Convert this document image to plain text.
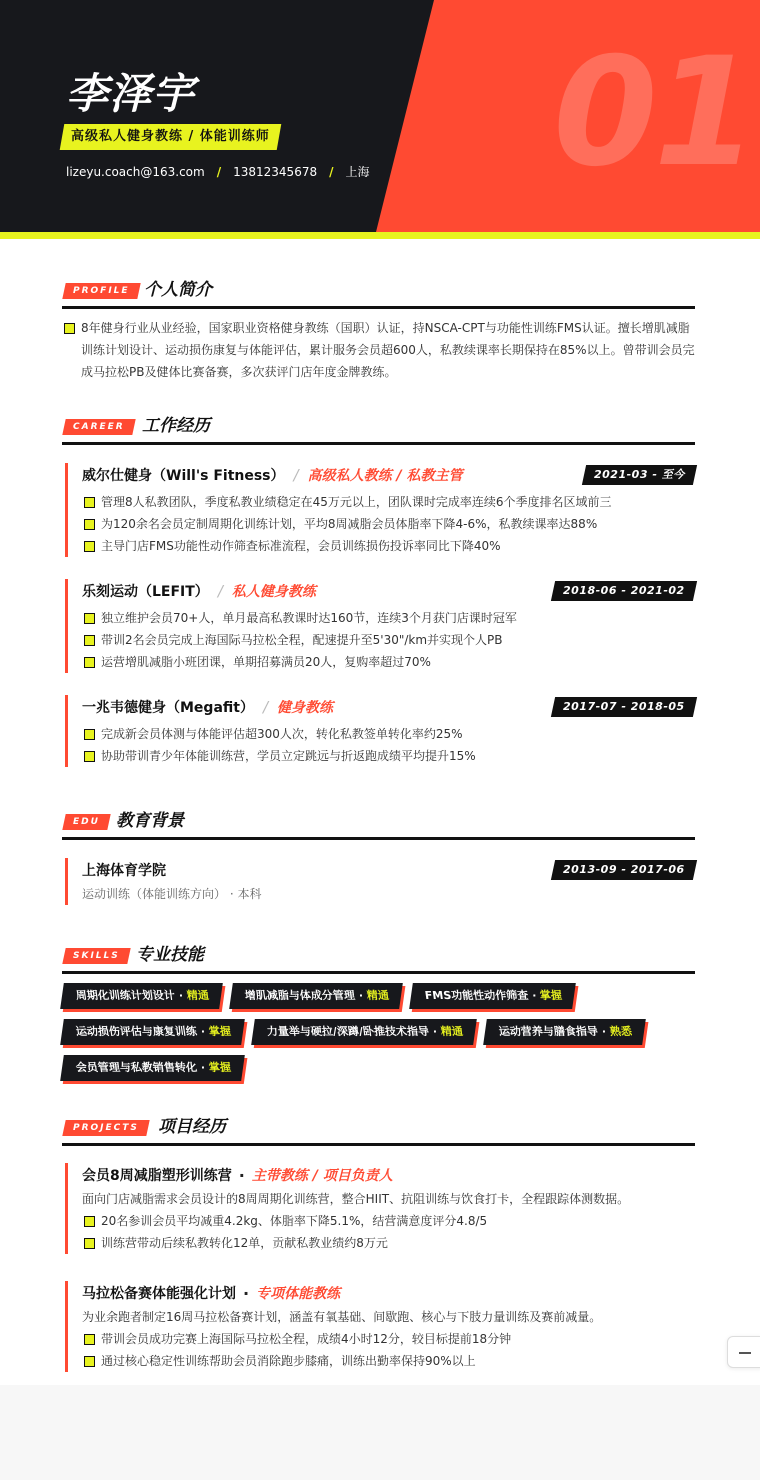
01
李泽宇
高级私人健身教练 / 体能训练师
lizeyu.coach@163.com / 13812345678 / 上海
PROFILE 个人简介
8年健身行业从业经验，国家职业资格健身教练（国职）认证，持NSCA-CPT与功能性训练FMS认证。擅长增肌减脂训练计划设计、运动损伤康复与体能评估，累计服务会员超600人，私教续课率长期保持在85%以上。曾带训会员完成马拉松PB及健体比赛备赛，多次获评门店年度金牌教练。
CAREER	工作经历
威尔仕健身（Will's Fitness） / 高级私人教练 / 私教主管	2021-03 - 至今
管理8人私教团队，季度私教业绩稳定在45万元以上，团队课时完成率连续6个季度排名区域前三
为120余名会员定制周期化训练计划，平均8周减脂会员体脂率下降4-6%，私教续课率达88%
主导门店FMS功能性动作筛查标准流程，会员训练损伤投诉率同比下降40%
乐刻运动（LEFIT） / 私人健身教练	2018-06 - 2021-02
独立维护会员70+人，单月最高私教课时达160节，连续3个月获门店课时冠军
带训2名会员完成上海国际马拉松全程，配速提升至5'30"/km并实现个人PB
运营增肌减脂小班团课，单期招募满员20人，复购率超过70%
一兆韦德健身（Megafit） / 健身教练	2017-07 - 2018-05
完成新会员体测与体能评估超300人次，转化私教签单转化率约25%
协助带训青少年体能训练营，学员立定跳远与折返跑成绩平均提升15%
EDU 教育背景
上海体育学院	2013-09 - 2017-06
运动训练（体能训练方向） · 本科
SKILLS 专业技能
周期化训练计划设计 · 精通	增肌减脂与体成分管理 · 精通	FMS功能性动作筛查 · 掌握
运动损伤评估与康复训练 · 掌握	力量举与硬拉/深蹲/卧推技术指导 · 精通	运动营养与膳食指导 · 熟悉
会员管理与私教销售转化 · 掌握
PROJECTS	项目经历
会员8周减脂塑形训练营 · 主带教练 / 项目负责人
面向门店减脂需求会员设计的8周周期化训练营，整合HIIT、抗阻训练与饮食打卡，全程跟踪体测数据。
20名参训会员平均减重4.2kg、体脂率下降5.1%，结营满意度评分4.8/5
训练营带动后续私教转化12单，贡献私教业绩约8万元
马拉松备赛体能强化计划 · 专项体能教练
为业余跑者制定16周马拉松备赛计划，涵盖有氧基础、间歇跑、核心与下肢力量训练及赛前减量。
带训会员成功完赛上海国际马拉松全程，成绩4小时12分，较目标提前18分钟
通过核心稳定性训练帮助会员消除跑步膝痛，训练出勤率保持90%以上
